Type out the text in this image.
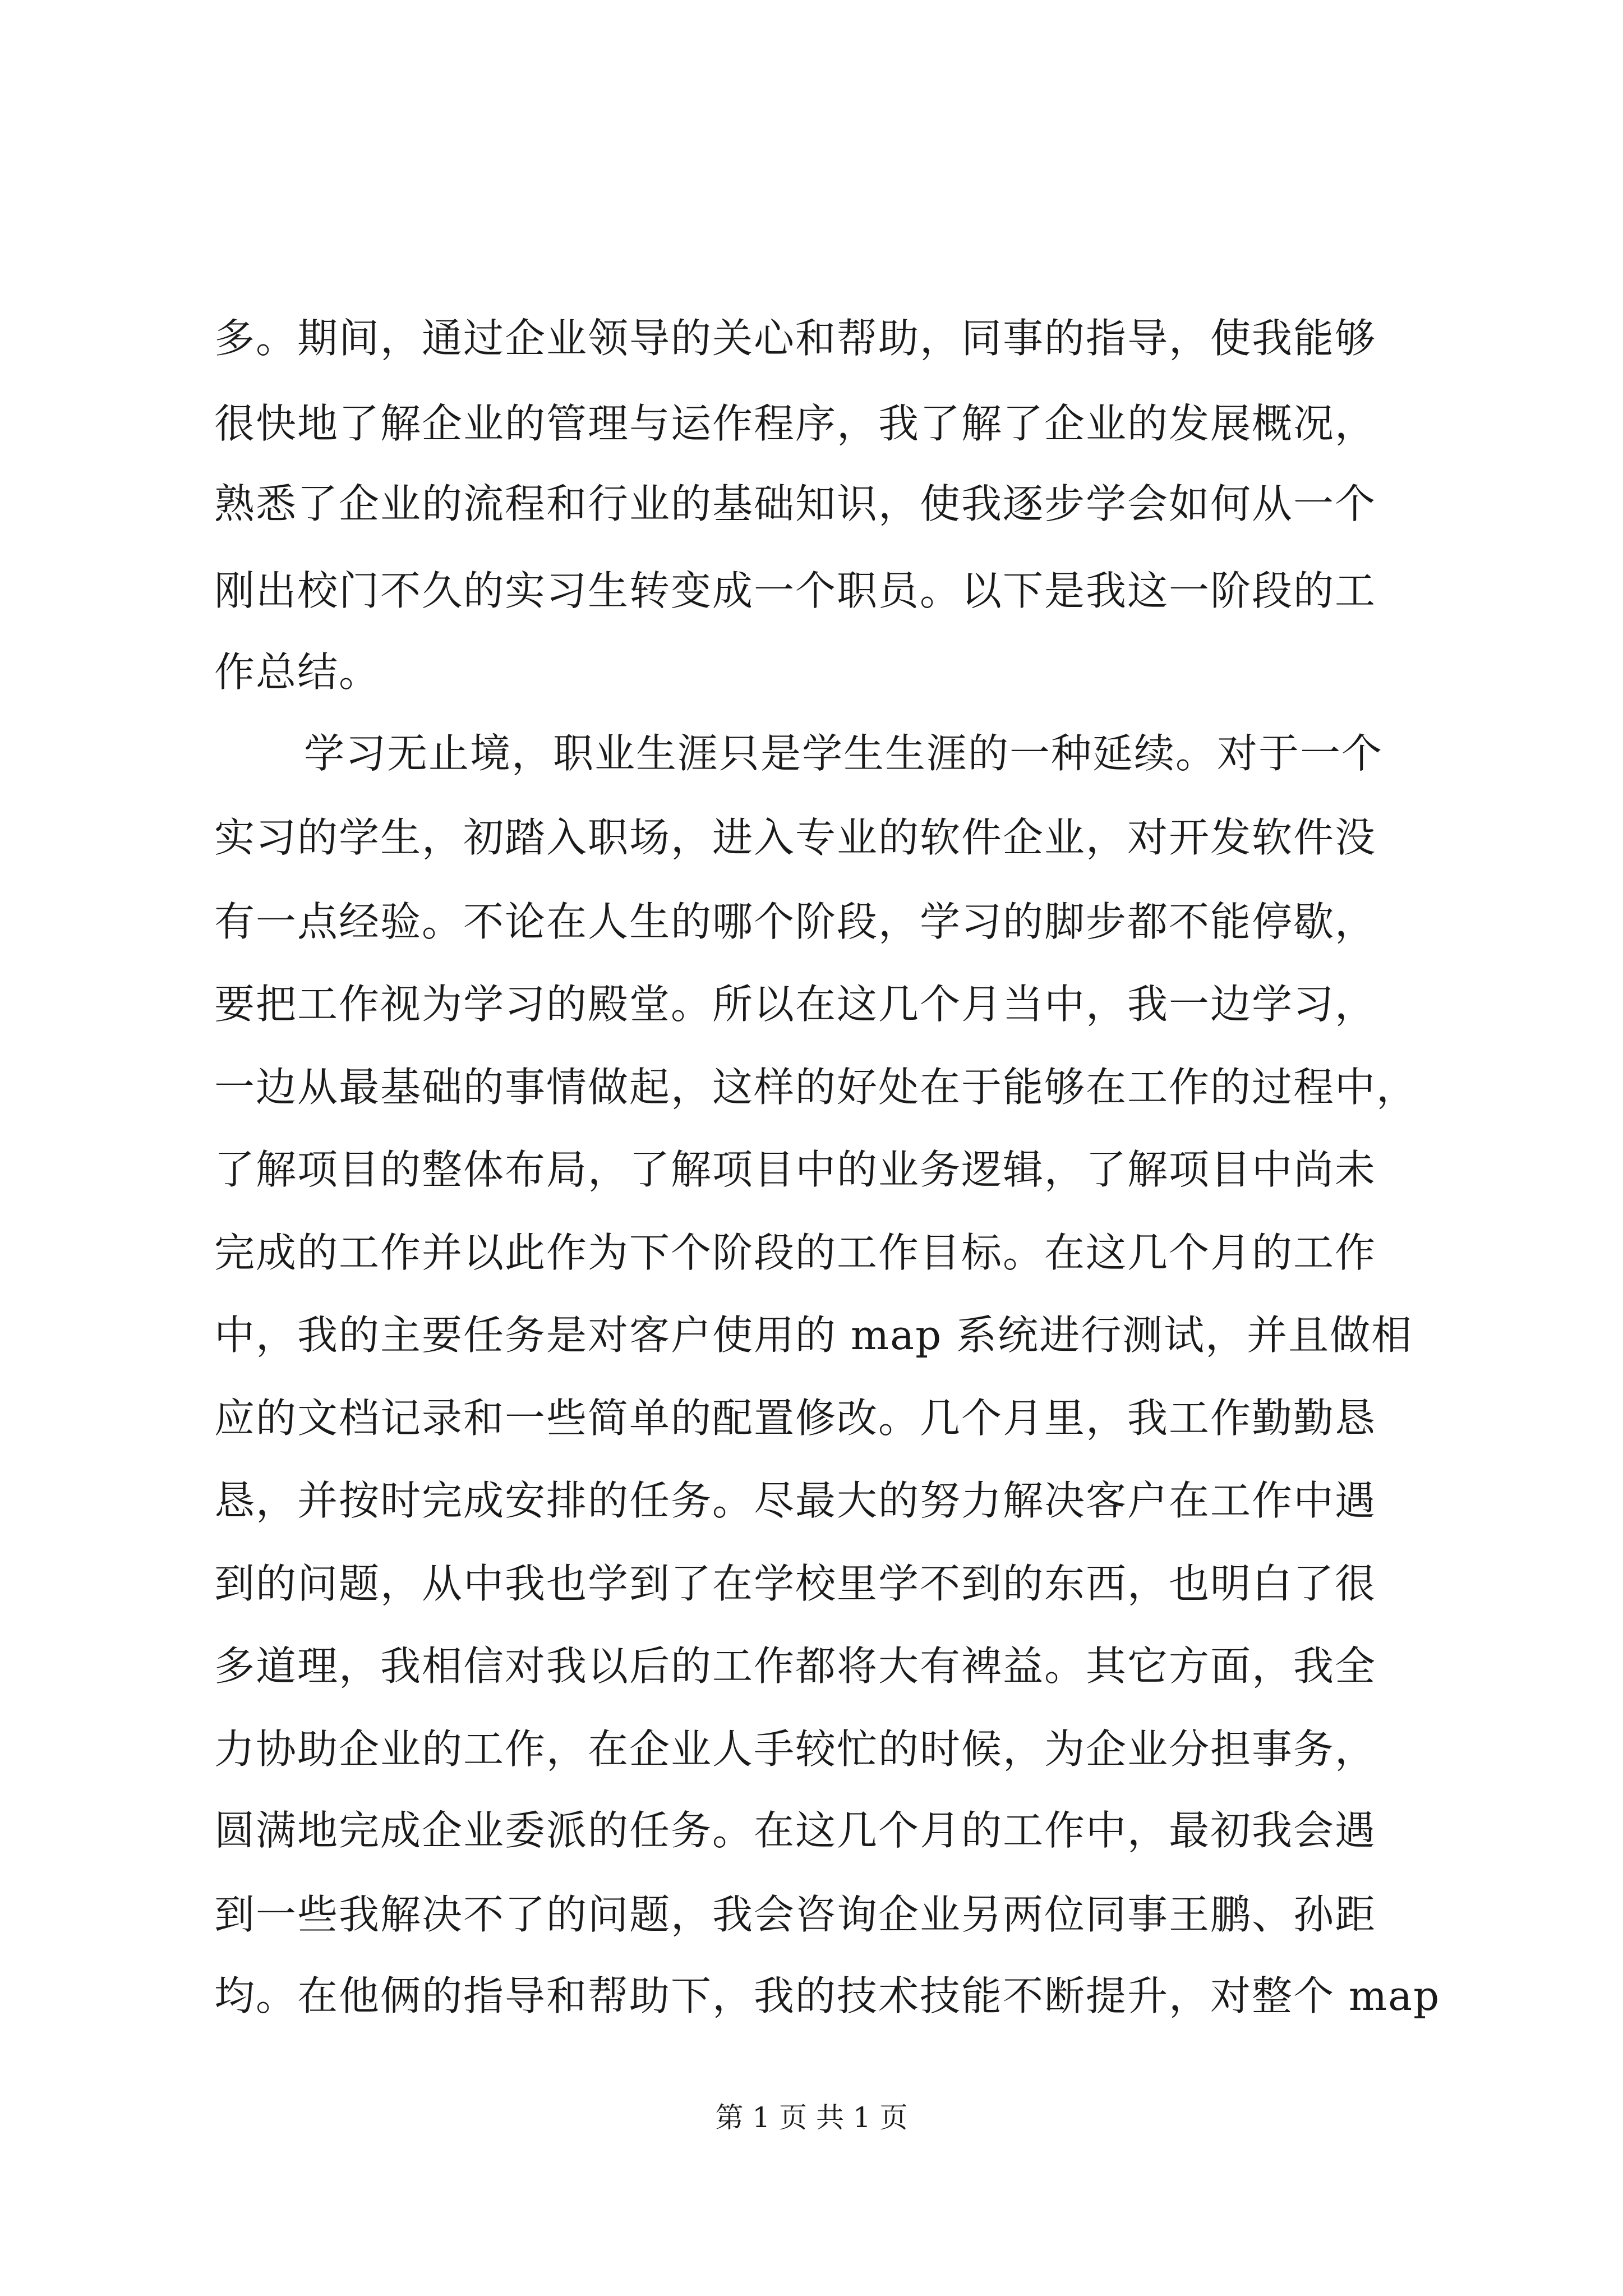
多。期间，通过企业领导的关心和帮助，同事的指导，使我能够
很快地了解企业的管理与运作程序，我了解了企业的发展概况，
熟悉了企业的流程和行业的基础知识，使我逐步学会如何从一个
刚出校门不久的实习生转变成一个职员。以下是我这一阶段的工
作总结。
学习无止境，职业生涯只是学生生涯的一种延续。对于一个
实习的学生，初踏入职场，进入专业的软件企业，对开发软件没
有一点经验。不论在人生的哪个阶段，学习的脚步都不能停歇，
要把工作视为学习的殿堂。所以在这几个月当中，我一边学习，
一边从最基础的事情做起，这样的好处在于能够在工作的过程中，
了解项目的整体布局，了解项目中的业务逻辑，了解项目中尚未
完成的工作并以此作为下个阶段的工作目标。在这几个月的工作
中，我的主要任务是对客户使用的 map 系统进行测试，并且做相
应的文档记录和一些简单的配置修改。几个月里，我工作勤勤恳
恳，并按时完成安排的任务。尽最大的努力解决客户在工作中遇
到的问题，从中我也学到了在学校里学不到的东西，也明白了很
多道理，我相信对我以后的工作都将大有裨益。其它方面，我全
力协助企业的工作，在企业人手较忙的时候，为企业分担事务，
圆满地完成企业委派的任务。在这几个月的工作中，最初我会遇
到一些我解决不了的问题，我会咨询企业另两位同事王鹏、孙距
均。在他俩的指导和帮助下，我的技术技能不断提升，对整个 map
第 1 页 共 1 页
